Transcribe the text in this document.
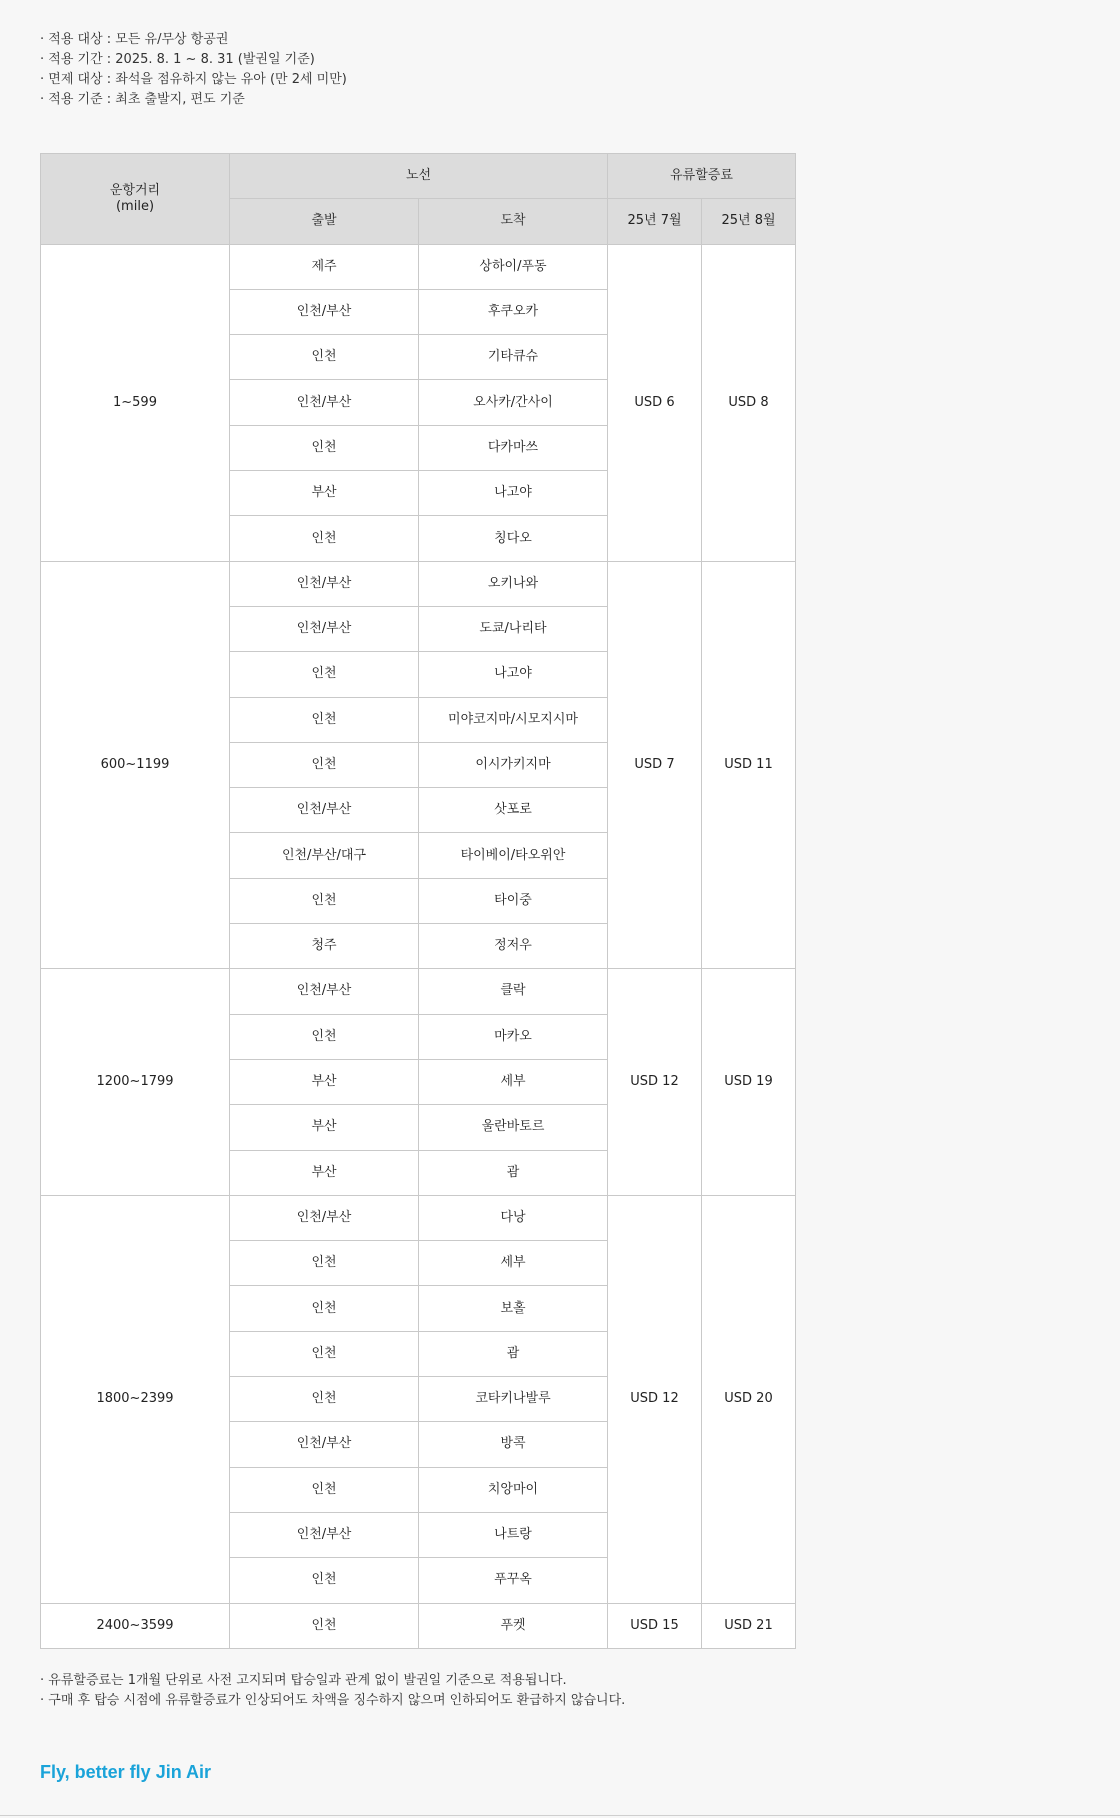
· 적용 대상 : 모든 유/무상 항공권
· 적용 기간 : 2025. 8. 1 ~ 8. 31 (발권일 기준)
· 면제 대상 : 좌석을 점유하지 않는 유아 (만 2세 미만)
· 적용 기준 : 최초 출발지, 편도 기준
운항거리
(mile)	노선		유류할증료	
	출발	도착	25년 7월	25년 8월
1~599	제주	상하이/푸동	USD 6	USD 8
	인천/부산	후쿠오카		
	인천	기타큐슈		
	인천/부산	오사카/간사이		
	인천	다카마쓰		
	부산	나고야		
	인천	칭다오		
600~1199	인천/부산	오키나와	USD 7	USD 11
	인천/부산	도쿄/나리타		
	인천	나고야		
	인천	미야코지마/시모지시마		
	인천	이시가키지마		
	인천/부산	삿포로		
	인천/부산/대구	타이베이/타오위안		
	인천	타이중		
	청주	정저우		
1200~1799	인천/부산	클락	USD 12	USD 19
	인천	마카오		
	부산	세부		
	부산	울란바토르		
	부산	괌		
1800~2399	인천/부산	다낭	USD 12	USD 20
	인천	세부		
	인천	보홀		
	인천	괌		
	인천	코타키나발루		
	인천/부산	방콕		
	인천	치앙마이		
	인천/부산	나트랑		
	인천	푸꾸옥		
2400~3599	인천	푸켓	USD 15	USD 21
· 유류할증료는 1개월 단위로 사전 고지되며 탑승일과 관계 없이 발권일 기준으로 적용됩니다.
· 구매 후 탑승 시점에 유류할증료가 인상되어도 차액을 징수하지 않으며 인하되어도 환급하지 않습니다.
Fly, better fly Jin Air
